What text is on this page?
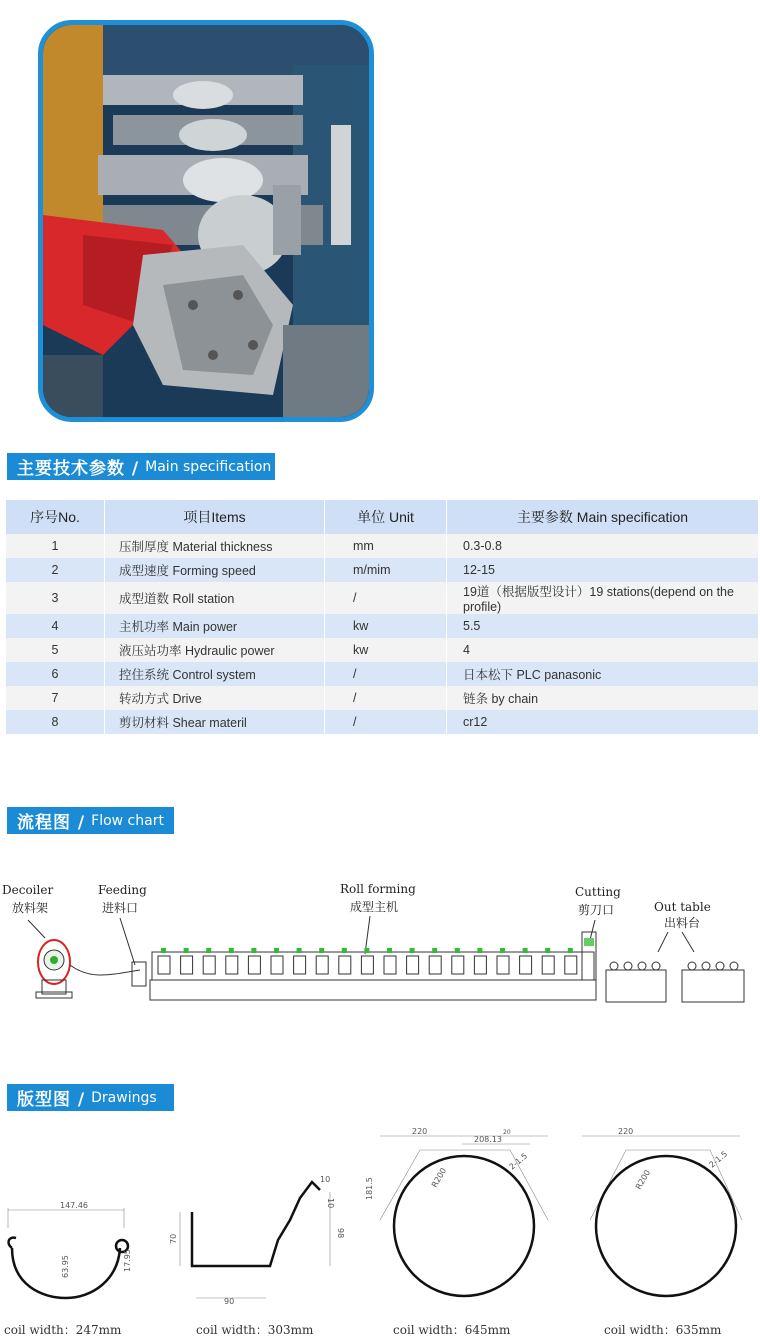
主要技术参数 / Main specification
序号No.	项目Items	单位 Unit	主要参数 Main specification
1	压制厚度 Material thickness	mm	0.3-0.8
2	成型速度 Forming speed	m/mim	12-15
3	成型道数 Roll station	/	19道（根据版型设计）19 stations(depend on the profile)
4	主机功率 Main power	kw	5.5
5	液压站功率 Hydraulic power	kw	4
6	控住系统 Control system	/	日本松下 PLC panasonic
7	转动方式 Drive	/	链条 by chain
8	剪切材料 Shear materil	/	cr12
流程图 / Flow chart
Decoiler
放料架
Feeding
进料口
Roll forming
成型主机
Cutting
剪刀口	Out table
出料台
版型图 / Drawings
147.46
63.95	17.95
70
90
98
10
10
220
208.13
20
181.5
2-1.5
R200
220
2-1.5
R200
coil width：247mm	coil width：303mm	coil width：645mm	coil width：635mm
